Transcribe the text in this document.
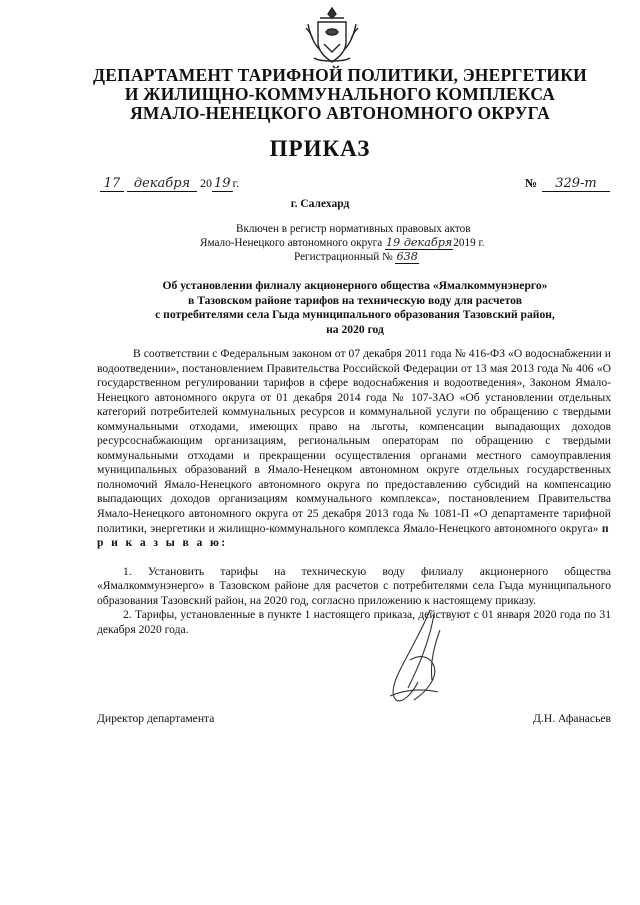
ДЕПАРТАМЕНТ ТАРИФНОЙ ПОЛИТИКИ, ЭНЕРГЕТИКИ
И ЖИЛИЩНО-КОММУНАЛЬНОГО КОМПЛЕКСА
ЯМАЛО-НЕНЕЦКОГО АВТОНОМНОГО ОКРУГА
ПРИКАЗ
17 декабря 20 19 г.	№ 329-т
г. Салехард
Включен в регистр нормативных правовых актов
Ямало-Ненецкого автономного округа 19 декабря2019 г.
Регистрационный № 638
Об установлении филиалу акционерного общества «Ямалкоммунэнерго»
в Тазовском районе тарифов на техническую воду для расчетов
с потребителями села Гыда муниципального образования Тазовский район,
на 2020 год

В соответствии с Федеральным законом от 07 декабря 2011 года № 416-ФЗ «О водоснабжении и водоотведении», постановлением Правительства Российской Федерации от 13 мая 2013 года № 406 «О государственном регулировании тарифов в сфере водоснабжения и водоотведения», Законом Ямало-Ненецкого автономного округа от 01 декабря 2014 года № 107-ЗАО «Об установлении отдельных категорий потребителей коммунальных ресурсов и коммунальной услуги по обращению с твердыми коммунальными отходами, имеющих право на льготы, компенсации выпадающих доходов ресурсоснабжающим организациям, региональным операторам по обращению с твердыми коммунальными отходами и прекращении осуществления органами местного самоуправления муниципальных образований в Ямало-Ненецком автономном округе отдельных государственных полномочий Ямало-Ненецкого автономного округа по предоставлению субсидий на компенсацию выпадающих доходов организациям коммунального комплекса», постановлением Правительства Ямало-Ненецкого автономного округа от 25 декабря 2013 года № 1081-П «О департаменте тарифной политики, энергетики и жилищно-коммунального комплекса Ямало-Ненецкого автономного округа» п р и к а з ы в а ю:

1. Установить тарифы на техническую воду филиалу акционерного общества «Ямалкоммунэнерго» в Тазовском районе для расчетов с потребителями села Гыда муниципального образования Тазовский район, на 2020 год, согласно приложению к настоящему приказу.

2. Тарифы, установленные в пункте 1 настоящего приказа, действуют с 01 января 2020 года по 31 декабря 2020 года.

Директор департамента	Д.Н. Афанасьев
